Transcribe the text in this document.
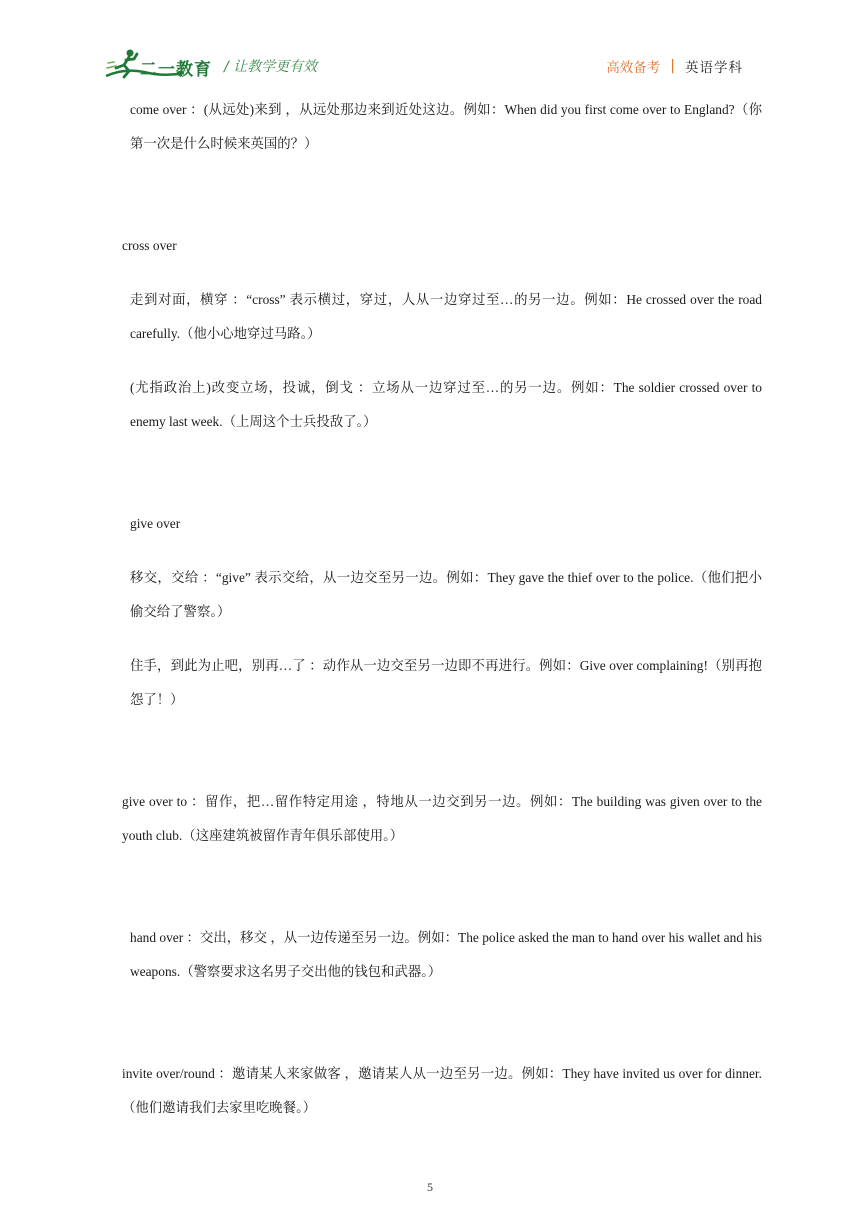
二一教育 / 让教学更有效	高效备考 | 英语学科

come over ：(从远处)来到 ，从远处那边来到近处这边。例如：When did you first come over to England?（你第一次是什么时候来英国的？）

cross over

走到对面，横穿 ：“cross” 表示横过，穿过，人从一边穿过至…的另一边。例如：He crossed over the road carefully.（他小心地穿过马路。）

(尤指政治上)改变立场，投诚，倒戈 ：立场从一边穿过至…的另一边。例如：The soldier crossed over to enemy last week.（上周这个士兵投敌了。）

give over

移交，交给 ：“give” 表示交给，从一边交至另一边。例如：They gave the thief over to the police.（他们把小偷交给了警察。）

住手，到此为止吧，别再…了 ：动作从一边交至另一边即不再进行。例如：Give over complaining!（别再抱怨了！）

give over to ：留作，把…留作特定用途 ，特地从一边交到另一边。例如：The building was given over to the youth club.（这座建筑被留作青年俱乐部使用。）

hand over ：交出，移交 ，从一边传递至另一边。例如：The police asked the man to hand over his wallet and his weapons.（警察要求这名男子交出他的钱包和武器。）

invite over/round ：邀请某人来家做客 ，邀请某人从一边至另一边。例如：They have invited us over for dinner.（他们邀请我们去家里吃晚餐。）

5
